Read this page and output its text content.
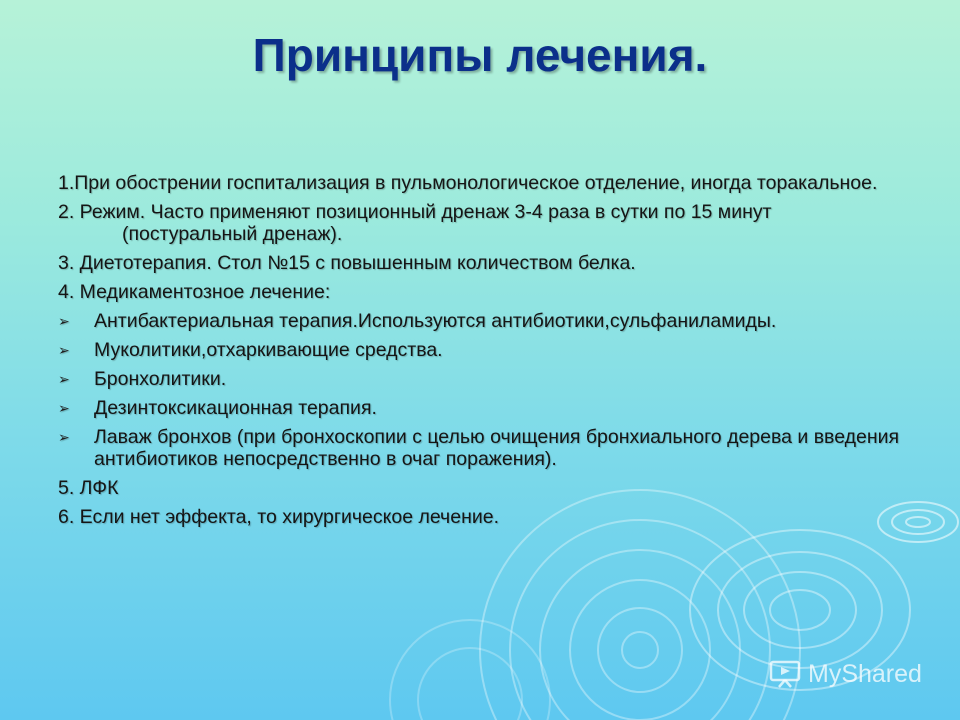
Принципы лечения.
1.При обострении госпитализация в пульмонологическое отделение, иногда торакальное.
2. Режим. Часто применяют позиционный дренаж 3-4 раза в сутки по 15 минут (постуральный дренаж).
3. Диетотерапия. Стол №15 с повышенным количеством белка.
4. Медикаментозное лечение:
➢	Антибактериальная терапия.Используются антибиотики,сульфаниламиды.
➢	Муколитики,отхаркивающие средства.
➢	Бронхолитики.
➢	Дезинтоксикационная терапия.
➢	Лаваж бронхов (при бронхоскопии с целью очищения бронхиального дерева и введения антибиотиков непосредственно в очаг поражения).
5. ЛФК
6. Если нет эффекта, то хирургическое лечение.
MyShared
